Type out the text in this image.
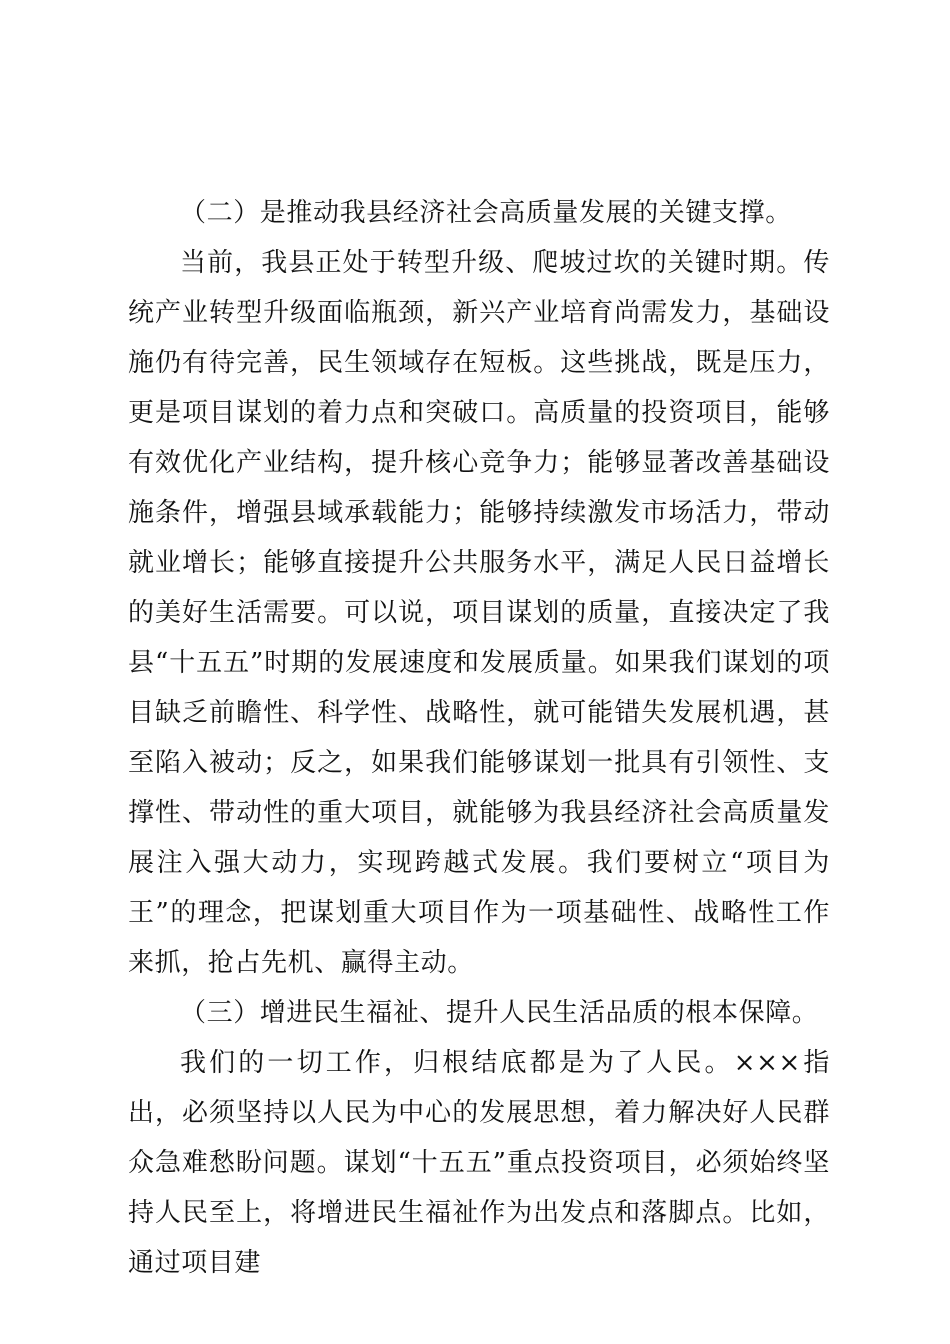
（二）是推动我县经济社会高质量发展的关键支撑。

当前，我县正处于转型升级、爬坡过坎的关键时期。传统产业转型升级面临瓶颈，新兴产业培育尚需发力，基础设施仍有待完善，民生领域存在短板。这些挑战，既是压力，更是项目谋划的着力点和突破口。高质量的投资项目，能够有效优化产业结构，提升核心竞争力；能够显著改善基础设施条件，增强县域承载能力；能够持续激发市场活力，带动就业增长；能够直接提升公共服务水平，满足人民日益增长的美好生活需要。可以说，项目谋划的质量，直接决定了我县“十五五”时期的发展速度和发展质量。如果我们谋划的项目缺乏前瞻性、科学性、战略性，就可能错失发展机遇，甚至陷入被动；反之，如果我们能够谋划一批具有引领性、支撑性、带动性的重大项目，就能够为我县经济社会高质量发展注入强大动力，实现跨越式发展。我们要树立“项目为王”的理念，把谋划重大项目作为一项基础性、战略性工作来抓，抢占先机、赢得主动。

（三）增进民生福祉、提升人民生活品质的根本保障。

我们的一切工作，归根结底都是为了人民。×××指出，必须坚持以人民为中心的发展思想，着力解决好人民群众急难愁盼问题。谋划“十五五”重点投资项目，必须始终坚持人民至上，将增进民生福祉作为出发点和落脚点。比如，通过项目建
